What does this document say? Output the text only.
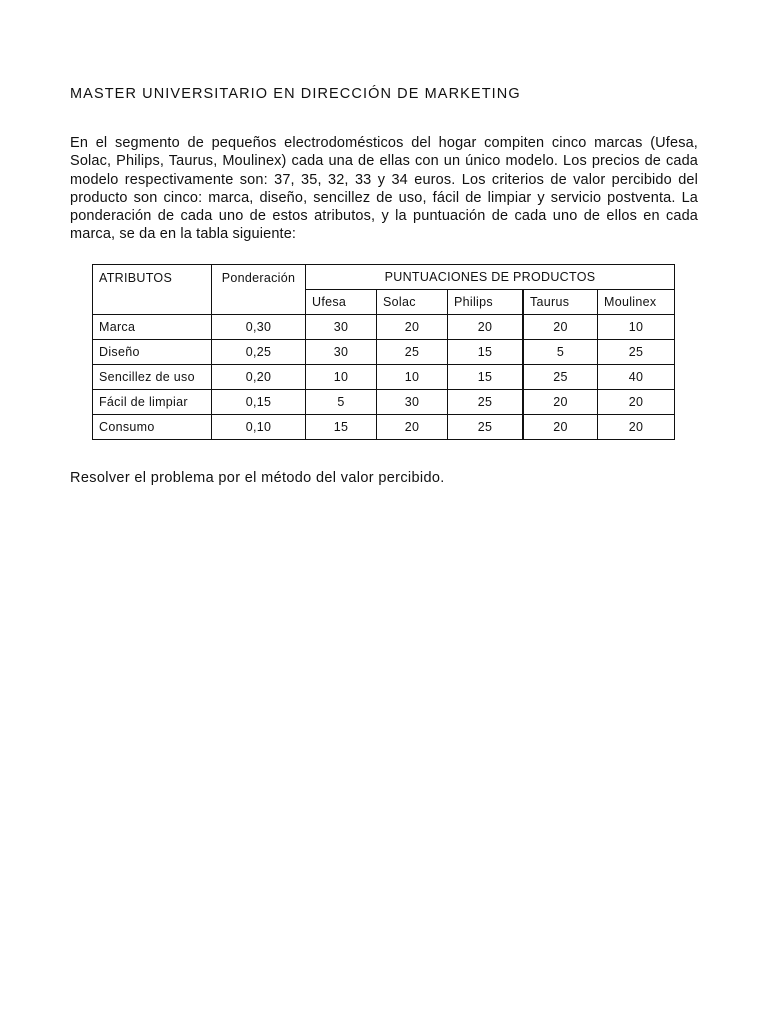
MASTER UNIVERSITARIO EN DIRECCIÓN DE MARKETING
En el segmento de pequeños electrodomésticos del hogar compiten cinco marcas (Ufesa, Solac, Philips, Taurus, Moulinex) cada una de ellas con un único modelo. Los precios de cada modelo respectivamente son: 37, 35, 32, 33 y 34 euros. Los criterios de valor percibido del producto son cinco: marca, diseño, sencillez de uso, fácil de limpiar y servicio postventa. La ponderación de cada uno de estos atributos, y la puntuación de cada uno de ellos en cada marca, se da en la tabla siguiente:
ATRIBUTOS	Ponderación	PUNTUACIONES DE PRODUCTOS				
		Ufesa	Solac	Philips	Taurus	Moulinex
Marca	0,30	30	20	20	20	10
Diseño	0,25	30	25	15	5	25
Sencillez de uso	0,20	10	10	15	25	40
Fácil de limpiar	0,15	5	30	25	20	20
Consumo	0,10	15	20	25	20	20
Resolver el problema por el método del valor percibido.
